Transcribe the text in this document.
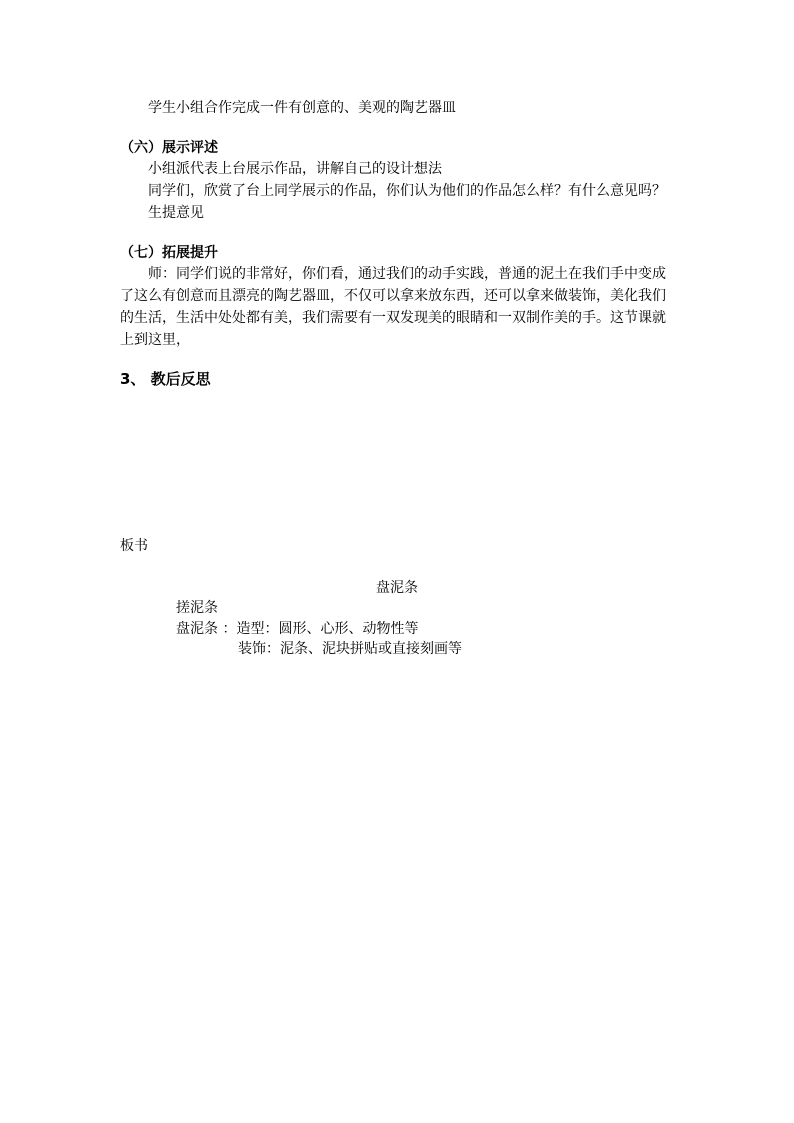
学生小组合作完成一件有创意的、美观的陶艺器皿
（六）展示评述
小组派代表上台展示作品，讲解自己的设计想法
同学们，欣赏了台上同学展示的作品，你们认为他们的作品怎么样？有什么意见吗？
生提意见
（七）拓展提升
师：同学们说的非常好，你们看，通过我们的动手实践，普通的泥土在我们手中变成
了这么有创意而且漂亮的陶艺器皿，不仅可以拿来放东西，还可以拿来做装饰，美化我们
的生活，生活中处处都有美，我们需要有一双发现美的眼睛和一双制作美的手。这节课就
上到这里，
3、 教后反思
板书
盘泥条
搓泥条
盘泥条 ：造型：圆形、心形、动物性等
装饰：泥条、泥块拼贴或直接刻画等
